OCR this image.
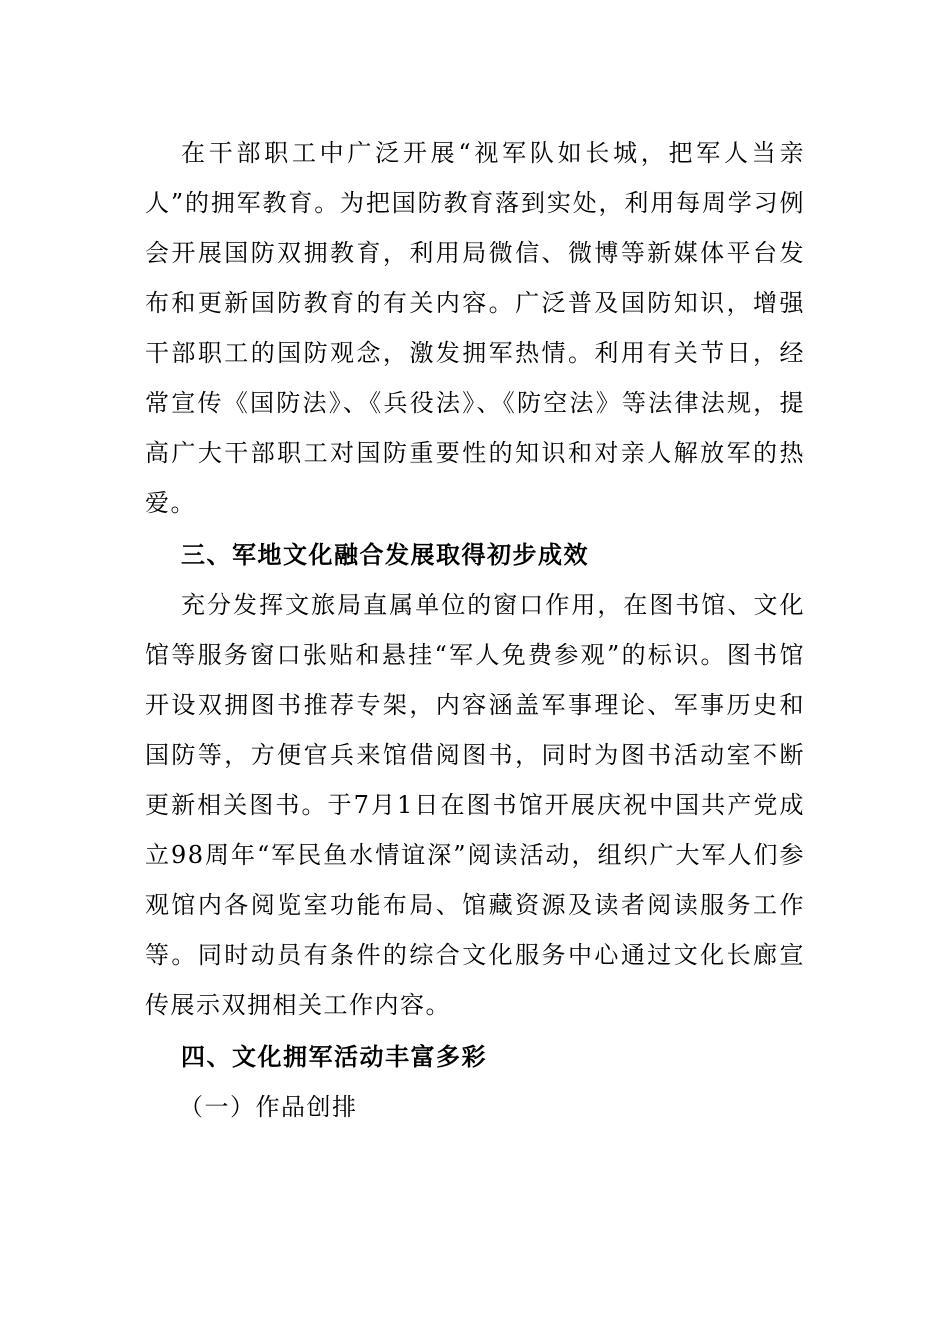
在干部职工中广泛开展“视军队如长城，把军人当亲人”的拥军教育。为把国防教育落到实处，利用每周学习例会开展国防双拥教育，利用局微信、微博等新媒体平台发布和更新国防教育的有关内容。广泛普及国防知识，增强干部职工的国防观念，激发拥军热情。利用有关节日，经常宣传《国防法》、《兵役法》、《防空法》等法律法规，提高广大干部职工对国防重要性的知识和对亲人解放军的热爱。

三、军地文化融合发展取得初步成效

充分发挥文旅局直属单位的窗口作用，在图书馆、文化馆等服务窗口张贴和悬挂“军人免费参观”的标识。图书馆开设双拥图书推荐专架，内容涵盖军事理论、军事历史和国防等，方便官兵来馆借阅图书，同时为图书活动室不断更新相关图书。于7月1日在图书馆开展庆祝中国共产党成立98周年“军民鱼水情谊深”阅读活动，组织广大军人们参观馆内各阅览室功能布局、馆藏资源及读者阅读服务工作等。同时动员有条件的综合文化服务中心通过文化长廊宣传展示双拥相关工作内容。

四、文化拥军活动丰富多彩

（一）作品创排
